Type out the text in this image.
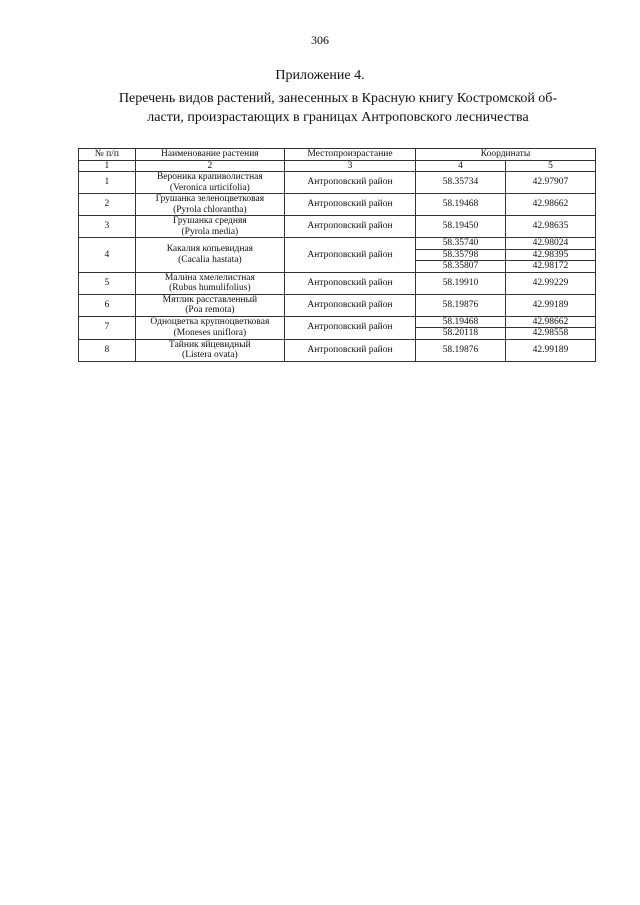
306
Приложение 4.
Перечень видов растений, занесенных в Красную книгу Костромской об-
ласти, произрастающих в границах Антроповского лесничества
№ п/п	Наименование растения	Местопроизрастание	Координаты	
1	2	3	4	5
1	Вероника крапиволистная
(Veronica urticifolia)	Антроповский район	58.35734	42.97907
2	Грушанка зеленоцветковая
(Pyrola chloranthа)	Антроповский район	58.19468	42.98662
3	Грушанка средняя
(Pyrola media)	Антроповский район	58.19450	42.98635
4	Какалия копьевидная
(Cacalia hastata)	Антроповский район	58.35740	42.98024
			58.35798	42.98395
			58.35807	42.98172
5	Малина хмелелистная
(Rubus humulifolius)	Антроповский район	58.19910	42.99229
6	Мятлик расставленный
(Poa remota)	Антроповский район	58.19876	42.99189
7	Одноцветка крупноцветковая
(Moneses uniflora)	Антроповский район	58.19468	42.98662
			58.20118	42.98558
8	Тайник яйцевидный
(Listera ovata)	Антроповский район	58.19876	42.99189
